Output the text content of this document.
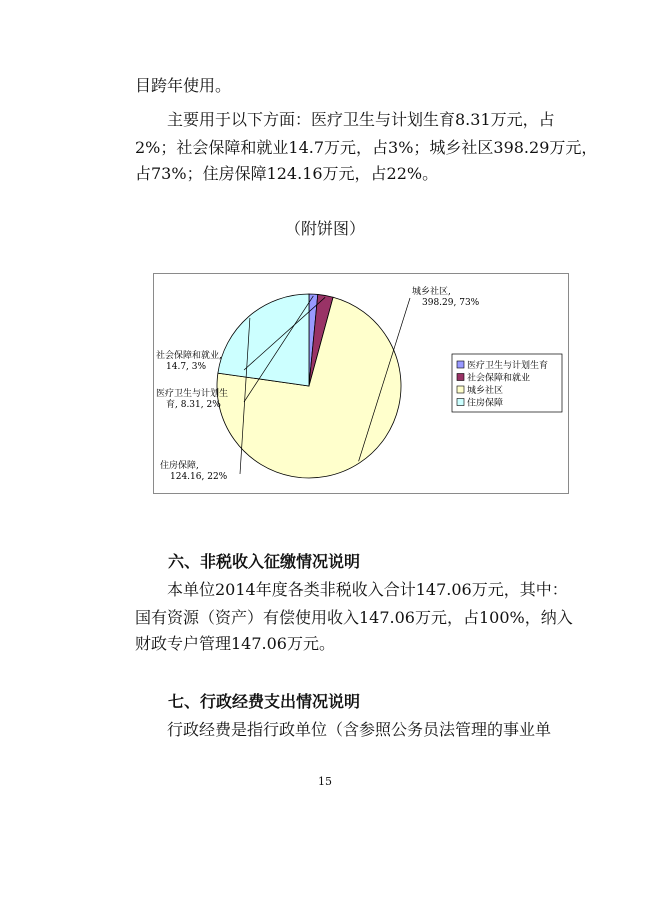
目跨年使用。
主要用于以下方面：医疗卫生与计划生育8.31万元，占
2%；社会保障和就业14.7万元，占3%；城乡社区398.29万元，
占73%；住房保障124.16万元，占22%。
（附饼图）
医疗卫生与计划生
育, 8.31, 2%
社会保障和就业,
14.7, 3%
城乡社区,
398.29, 73%
住房保障,
124.16, 22%
医疗卫生与计划生育
社会保障和就业
城乡社区
住房保障
六、非税收入征缴情况说明
本单位2014年度各类非税收入合计147.06万元，其中：
国有资源（资产）有偿使用收入147.06万元，占100%，纳入
财政专户管理147.06万元。
七、行政经费支出情况说明
行政经费是指行政单位（含参照公务员法管理的事业单
15
